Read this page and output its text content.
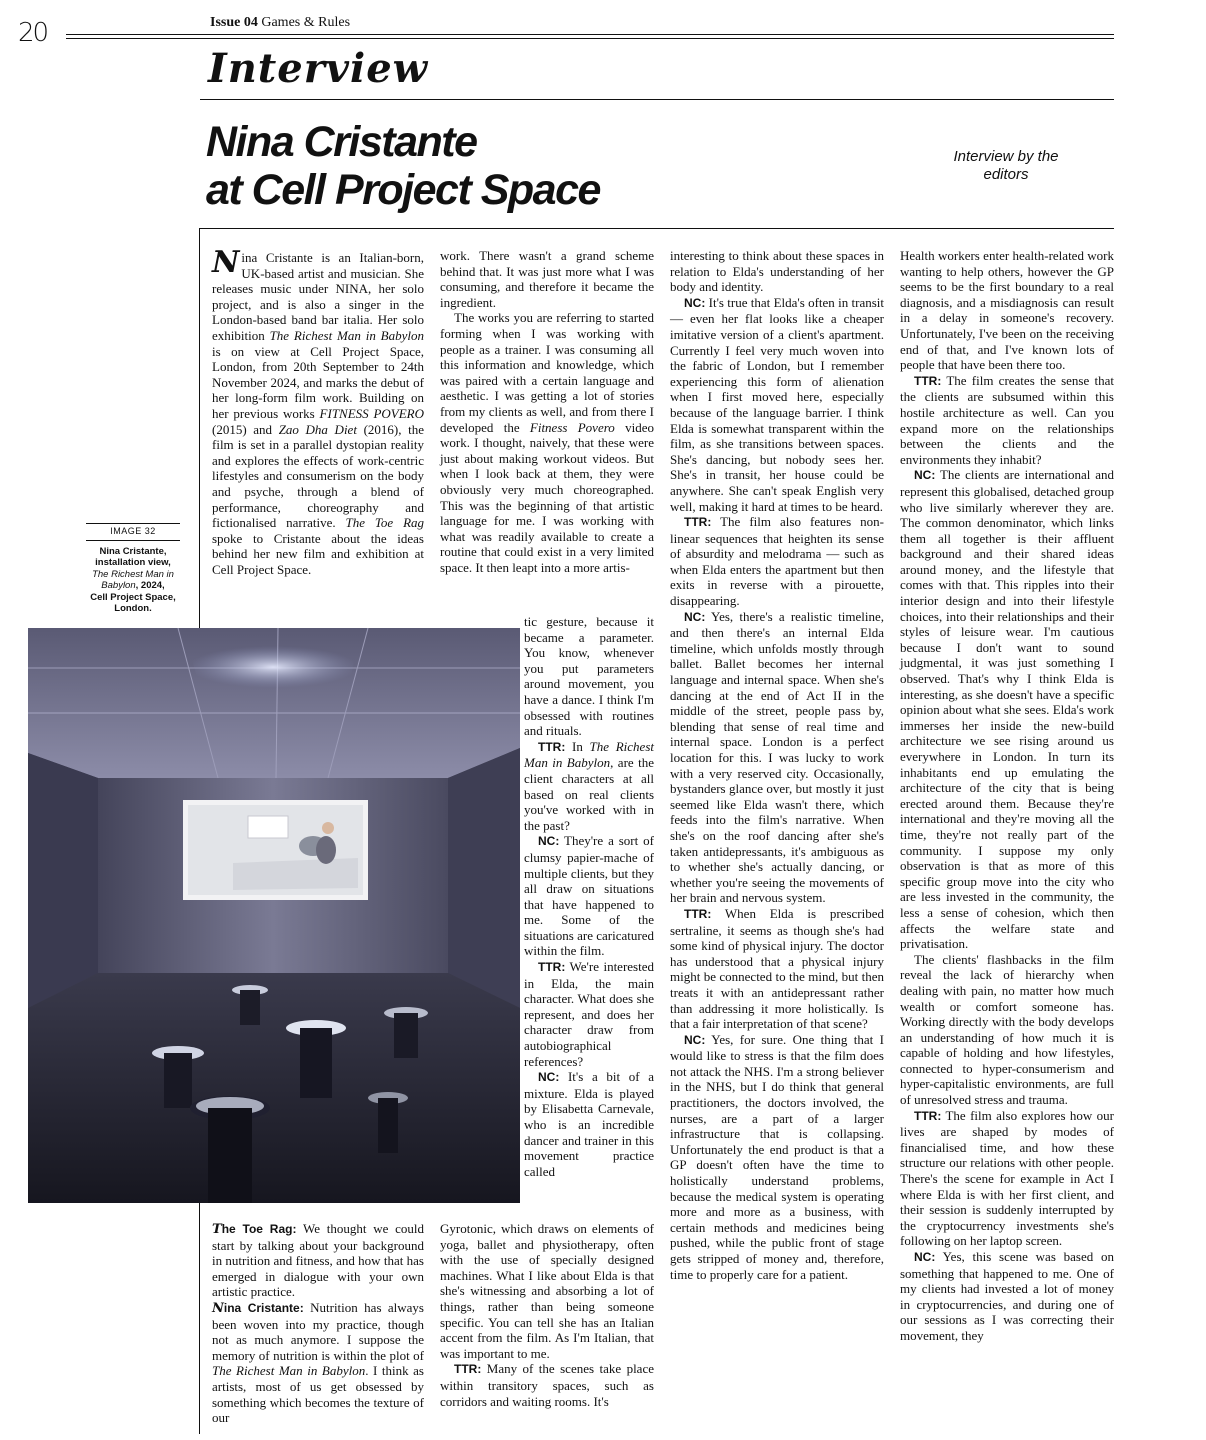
20	Issue 04 Games & Rules
Interview
Nina Cristante
at Cell Project Space
Interview by the editors
IMAGE 32
Nina Cristante,
installation view,
The Richest Man in Babylon, 2024,
Cell Project Space, London.

Nina Cristante is an Italian-born, UK-based artist and musician. She releases music under NINA, her solo project, and is also a singer in the London-based band bar italia. Her solo exhibition The Richest Man in Babylon is on view at Cell Project Space, London, from 20th September to 24th November 2024, and marks the debut of her long-form film work. Building on her previous works FITNESS POVERO (2015) and Zao Dha Diet (2016), the film is set in a parallel dystopian reality and explores the effects of work-centric lifestyles and consumerism on the body and psyche, through a blend of performance, choreography and fictionalised narrative. The Toe Rag spoke to Cristante about the ideas behind her new film and exhibition at Cell Project Space.

The Toe Rag: We thought we could start by talking about your background in nutrition and fitness, and how that has emerged in dialogue with your own artistic practice.

Nina Cristante: Nutrition has always been woven into my practice, though not as much anymore. I suppose the memory of nutrition is within the plot of The Richest Man in Babylon. I think as artists, most of us get obsessed by something which becomes the texture of our

work. There wasn't a grand scheme behind that. It was just more what I was consuming, and therefore it became the ingredient.

The works you are referring to started forming when I was working with people as a trainer. I was consuming all this information and knowledge, which was paired with a certain language and aesthetic. I was getting a lot of stories from my clients as well, and from there I developed the Fitness Povero video work. I thought, naively, that these were just about making workout videos. But when I look back at them, they were obviously very much choreographed. This was the beginning of that artistic language for me. I was working with what was readily available to create a routine that could exist in a very limited space. It then leapt into a more artis-

tic gesture, because it became a parameter. You know, whenever you put parameters around movement, you have a dance. I think I'm obsessed with routines and rituals.

TTR: In The Richest Man in Babylon, are the client characters at all based on real clients you've worked with in the past?

NC: They're a sort of clumsy papier-mache of multiple clients, but they all draw on situations that have happened to me. Some of the situations are caricatured within the film.

TTR: We're interested in Elda, the main character. What does she represent, and does her character draw from autobiographical references?

NC: It's a bit of a mixture. Elda is played by Elisabetta Carnevale, who is an incredible dancer and trainer in this movement practice called

Gyrotonic, which draws on elements of yoga, ballet and physiotherapy, often with the use of specially designed machines. What I like about Elda is that she's witnessing and absorbing a lot of things, rather than being someone specific. You can tell she has an Italian accent from the film. As I'm Italian, that was important to me.

TTR: Many of the scenes take place within transitory spaces, such as corridors and waiting rooms. It's

interesting to think about these spaces in relation to Elda's understanding of her body and identity.

NC: It's true that Elda's often in transit — even her flat looks like a cheaper imitative version of a client's apartment. Currently I feel very much woven into the fabric of London, but I remember experiencing this form of alienation when I first moved here, especially because of the language barrier. I think Elda is somewhat transparent within the film, as she transitions between spaces. She's dancing, but nobody sees her. She's in transit, her house could be anywhere. She can't speak English very well, making it hard at times to be heard.

TTR: The film also features non-linear sequences that heighten its sense of absurdity and melodrama — such as when Elda enters the apartment but then exits in reverse with a pirouette, disappearing.

NC: Yes, there's a realistic timeline, and then there's an internal Elda timeline, which unfolds mostly through ballet. Ballet becomes her internal language and internal space. When she's dancing at the end of Act II in the middle of the street, people pass by, blending that sense of real time and internal space. London is a perfect location for this. I was lucky to work with a very reserved city. Occasionally, bystanders glance over, but mostly it just seemed like Elda wasn't there, which feeds into the film's narrative. When she's on the roof dancing after she's taken antidepressants, it's ambiguous as to whether she's actually dancing, or whether you're seeing the movements of her brain and nervous system.

TTR: When Elda is prescribed sertraline, it seems as though she's had some kind of physical injury. The doctor has understood that a physical injury might be connected to the mind, but then treats it with an antidepressant rather than addressing it more holistically. Is that a fair interpretation of that scene?

NC: Yes, for sure. One thing that I would like to stress is that the film does not attack the NHS. I'm a strong believer in the NHS, but I do think that general practitioners, the doctors involved, the nurses, are a part of a larger infrastructure that is collapsing. Unfortunately the end product is that a GP doesn't often have the time to holistically understand problems, because the medical system is operating more and more as a business, with certain methods and medicines being pushed, while the public front of stage gets stripped of money and, therefore, time to properly care for a patient.

Health workers enter health-related work wanting to help others, however the GP seems to be the first boundary to a real diagnosis, and a misdiagnosis can result in a delay in someone's recovery. Unfortunately, I've been on the receiving end of that, and I've known lots of people that have been there too.

TTR: The film creates the sense that the clients are subsumed within this hostile architecture as well. Can you expand more on the relationships between the clients and the environments they inhabit?

NC: The clients are international and represent this globalised, detached group who live similarly wherever they are. The common denominator, which links them all together is their affluent background and their shared ideas around money, and the lifestyle that comes with that. This ripples into their interior design and into their lifestyle choices, into their relationships and their styles of leisure wear. I'm cautious because I don't want to sound judgmental, it was just something I observed. That's why I think Elda is interesting, as she doesn't have a specific opinion about what she sees. Elda's work immerses her inside the new-build architecture we see rising around us everywhere in London. In turn its inhabitants end up emulating the architecture of the city that is being erected around them. Because they're international and they're moving all the time, they're not really part of the community. I suppose my only observation is that as more of this specific group move into the city who are less invested in the community, the less a sense of cohesion, which then affects the welfare state and privatisation.

The clients' flashbacks in the film reveal the lack of hierarchy when dealing with pain, no matter how much wealth or comfort someone has. Working directly with the body develops an understanding of how much it is capable of holding and how lifestyles, connected to hyper-consumerism and hyper-capitalistic environments, are full of unresolved stress and trauma.

TTR: The film also explores how our lives are shaped by modes of financialised time, and how these structure our relations with other people. There's the scene for example in Act I where Elda is with her first client, and their session is suddenly interrupted by the cryptocurrency investments she's following on her laptop screen.

NC: Yes, this scene was based on something that happened to me. One of my clients had invested a lot of money in cryptocurrencies, and during one of our sessions as I was correcting their movement, they
